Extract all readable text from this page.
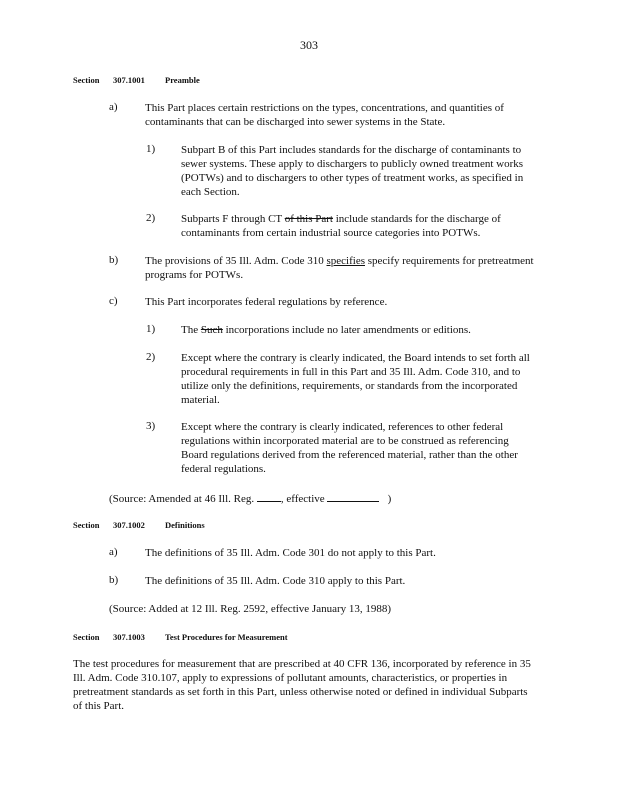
303
Section 307.1001 Preamble
a) This Part places certain restrictions on the types, concentrations, and quantities of contaminants that can be discharged into sewer systems in the State.
1) Subpart B of this Part includes standards for the discharge of contaminants to sewer systems. These apply to dischargers to publicly owned treatment works (POTWs) and to dischargers to other types of treatment works, as specified in each Section.
2) Subparts F through CT of this Part include standards for the discharge of contaminants from certain industrial source categories into POTWs.
b) The provisions of 35 Ill. Adm. Code 310 specifies specify requirements for pretreatment programs for POTWs.
c) This Part incorporates federal regulations by reference.
1) The Such incorporations include no later amendments or editions.
2) Except where the contrary is clearly indicated, the Board intends to set forth all procedural requirements in full in this Part and 35 Ill. Adm. Code 310, and to utilize only the definitions, requirements, or standards from the incorporated material.
3) Except where the contrary is clearly indicated, references to other federal regulations within incorporated material are to be construed as referencing Board regulations derived from the referenced material, rather than the other federal regulations.
(Source: Amended at 46 Ill. Reg. , effective	)
Section 307.1002 Definitions
a) The definitions of 35 Ill. Adm. Code 301 do not apply to this Part.
b) The definitions of 35 Ill. Adm. Code 310 apply to this Part.
(Source: Added at 12 Ill. Reg. 2592, effective January 13, 1988)
Section 307.1003 Test Procedures for Measurement
The test procedures for measurement that are prescribed at 40 CFR 136, incorporated by reference in 35 Ill. Adm. Code 310.107, apply to expressions of pollutant amounts, characteristics, or properties in pretreatment standards as set forth in this Part, unless otherwise noted or defined in individual Subparts of this Part.
